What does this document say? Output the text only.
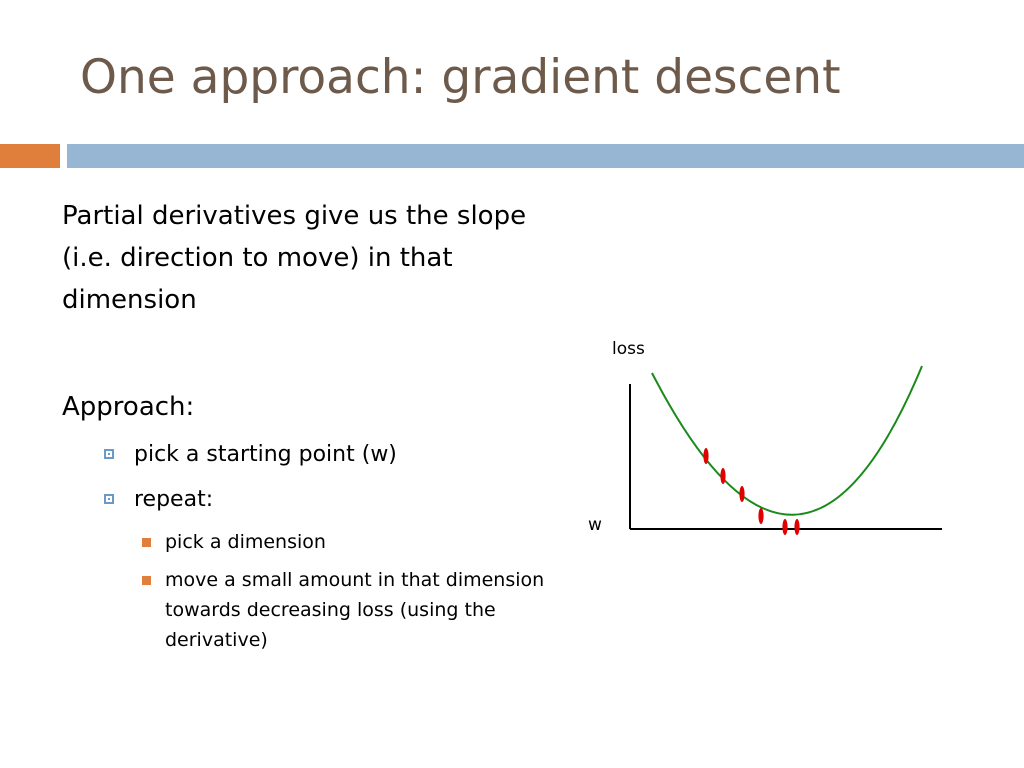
One approach: gradient descent

Partial derivatives give us the slope (i.e. direction to move) in that dimension

Approach:

pick a starting point (w)
repeat:
pick a dimension
move a small amount in that dimension towards decreasing loss (using the derivative)
loss
w
